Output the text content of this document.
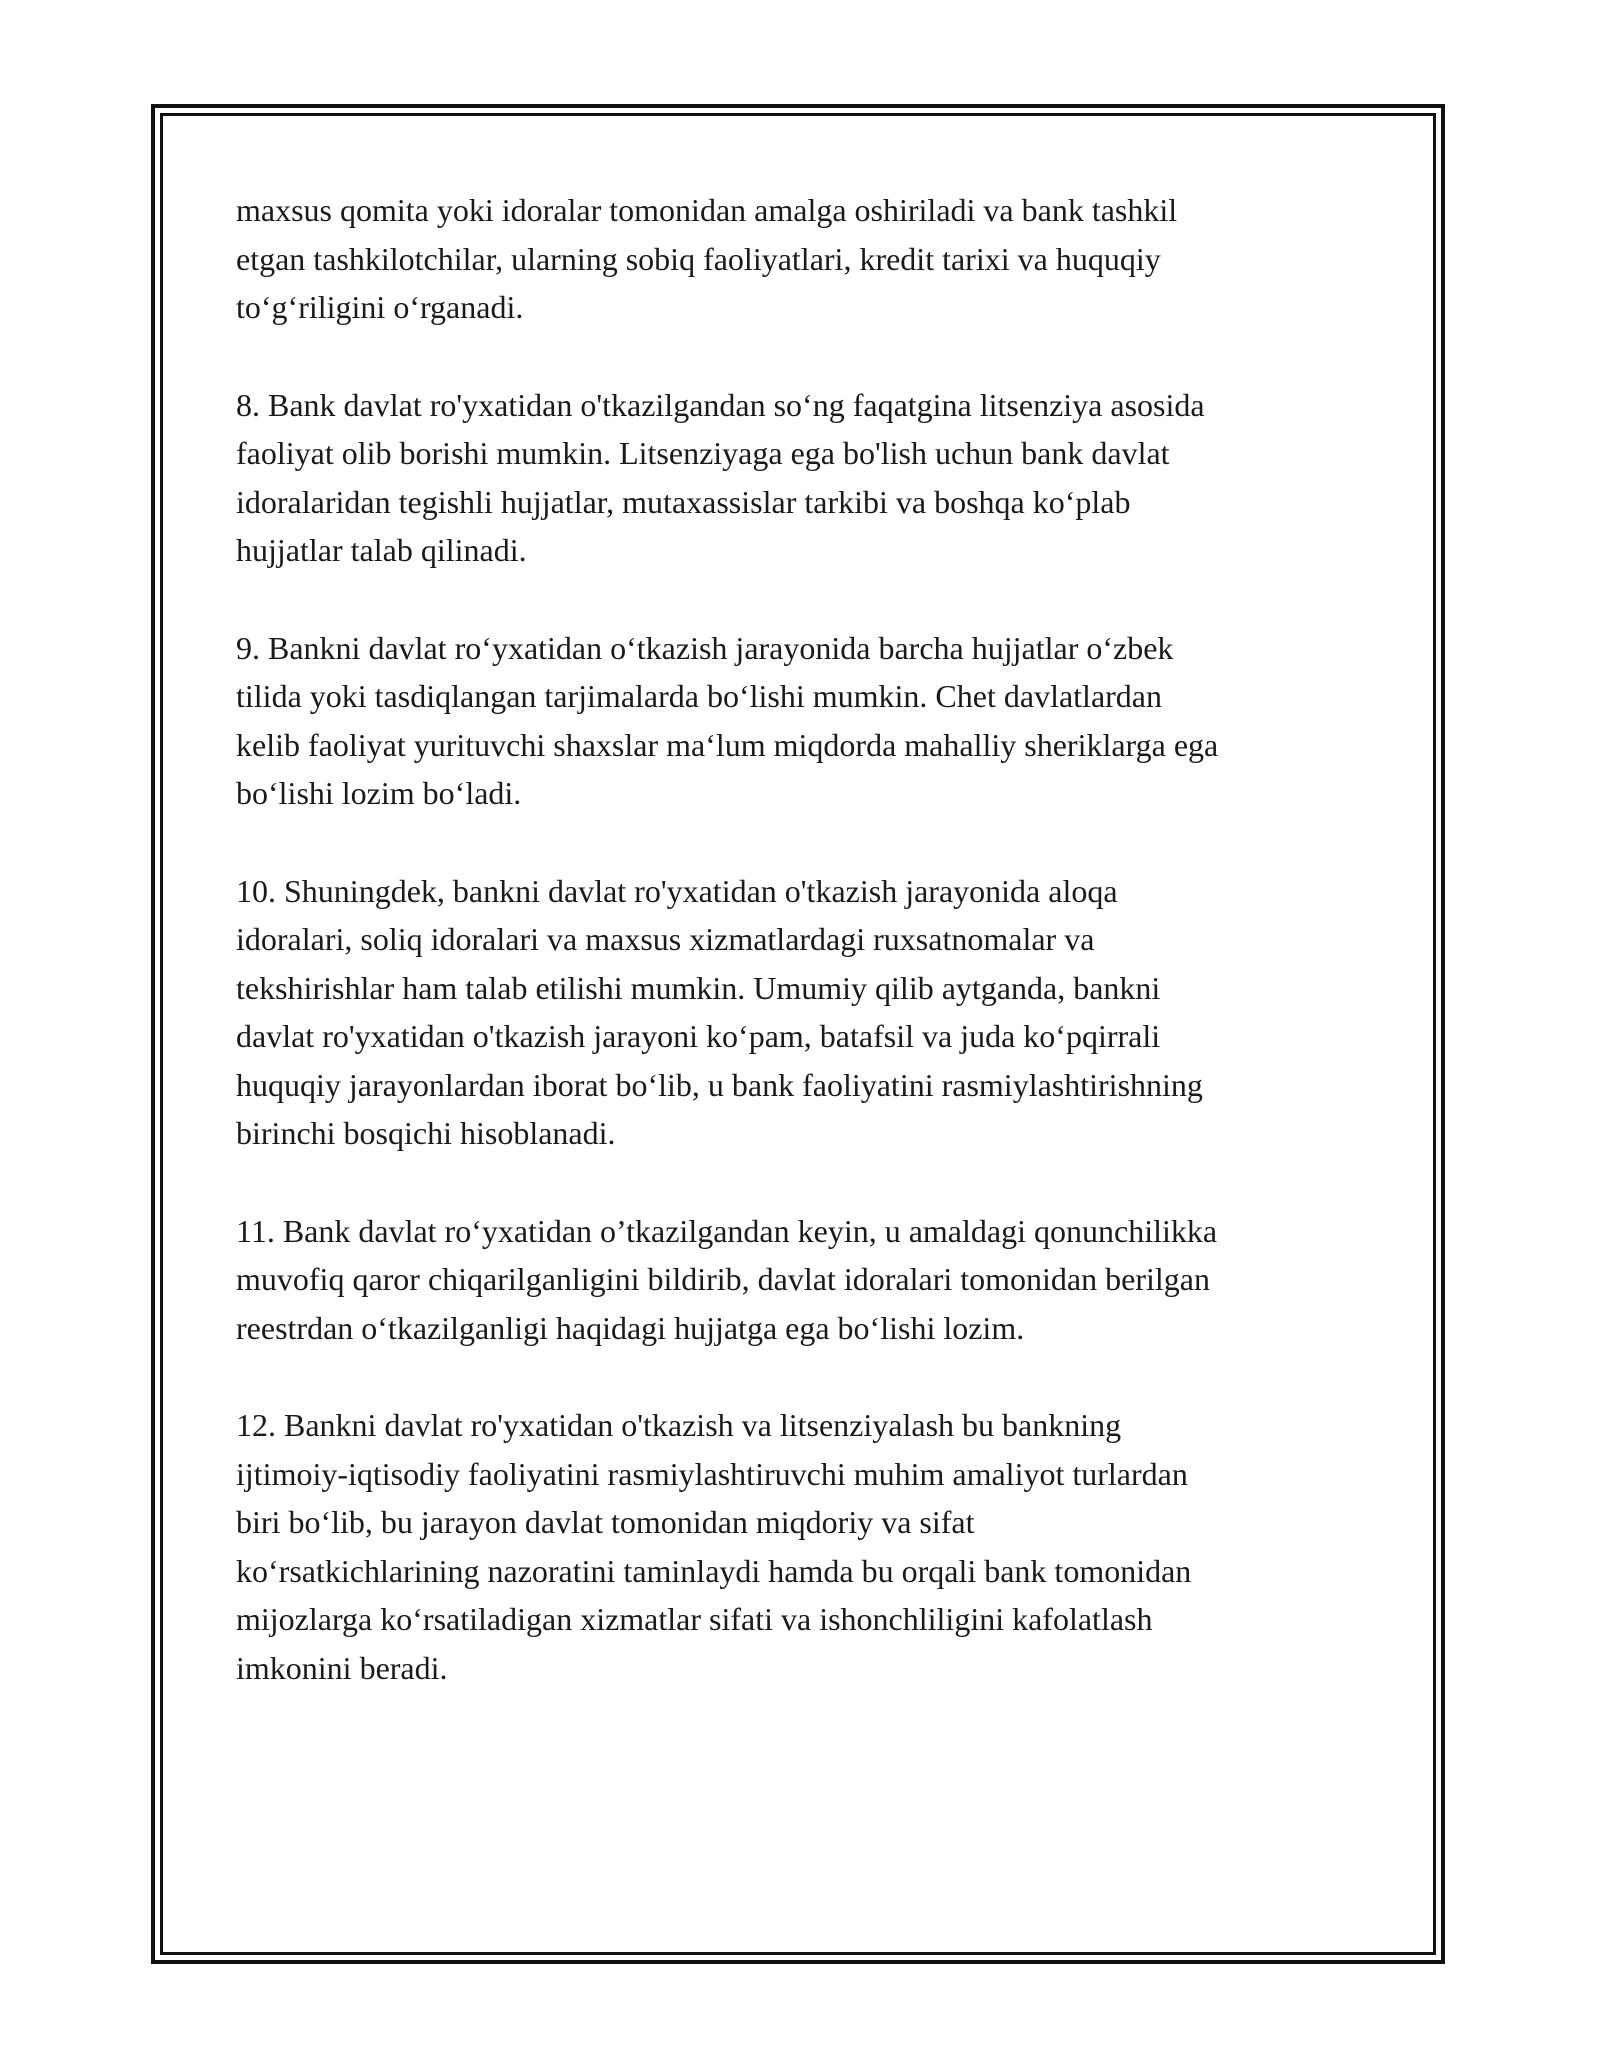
maxsus qomita yoki idoralar tomonidan amalga oshiriladi va bank tashkil
etgan tashkilotchilar, ularning sobiq faoliyatlari, kredit tarixi va huquqiy
to‘g‘riligini o‘rganadi.

8. Bank davlat ro'yxatidan o'tkazilgandan so‘ng faqatgina litsenziya asosida
faoliyat olib borishi mumkin. Litsenziyaga ega bo'lish uchun bank davlat
idoralaridan tegishli hujjatlar, mutaxassislar tarkibi va boshqa ko‘plab
hujjatlar talab qilinadi.

9. Bankni davlat ro‘yxatidan o‘tkazish jarayonida barcha hujjatlar o‘zbek
tilida yoki tasdiqlangan tarjimalarda bo‘lishi mumkin. Chet davlatlardan
kelib faoliyat yurituvchi shaxslar ma‘lum miqdorda mahalliy sheriklarga ega
bo‘lishi lozim bo‘ladi.

10. Shuningdek, bankni davlat ro'yxatidan o'tkazish jarayonida aloqa
idoralari, soliq idoralari va maxsus xizmatlardagi ruxsatnomalar va
tekshirishlar ham talab etilishi mumkin. Umumiy qilib aytganda, bankni
davlat ro'yxatidan o'tkazish jarayoni ko‘pam, batafsil va juda ko‘pqirrali
huquqiy jarayonlardan iborat bo‘lib, u bank faoliyatini rasmiylashtirishning
birinchi bosqichi hisoblanadi.

11. Bank davlat ro‘yxatidan o’tkazilgandan keyin, u amaldagi qonunchilikka
muvofiq qaror chiqarilganligini bildirib, davlat idoralari tomonidan berilgan
reestrdan o‘tkazilganligi haqidagi hujjatga ega bo‘lishi lozim.

12. Bankni davlat ro'yxatidan o'tkazish va litsenziyalash bu bankning
ijtimoiy-iqtisodiy faoliyatini rasmiylashtiruvchi muhim amaliyot turlardan
biri bo‘lib, bu jarayon davlat tomonidan miqdoriy va sifat
ko‘rsatkichlarining nazoratini taminlaydi hamda bu orqali bank tomonidan
mijozlarga ko‘rsatiladigan xizmatlar sifati va ishonchliligini kafolatlash
imkonini beradi.
